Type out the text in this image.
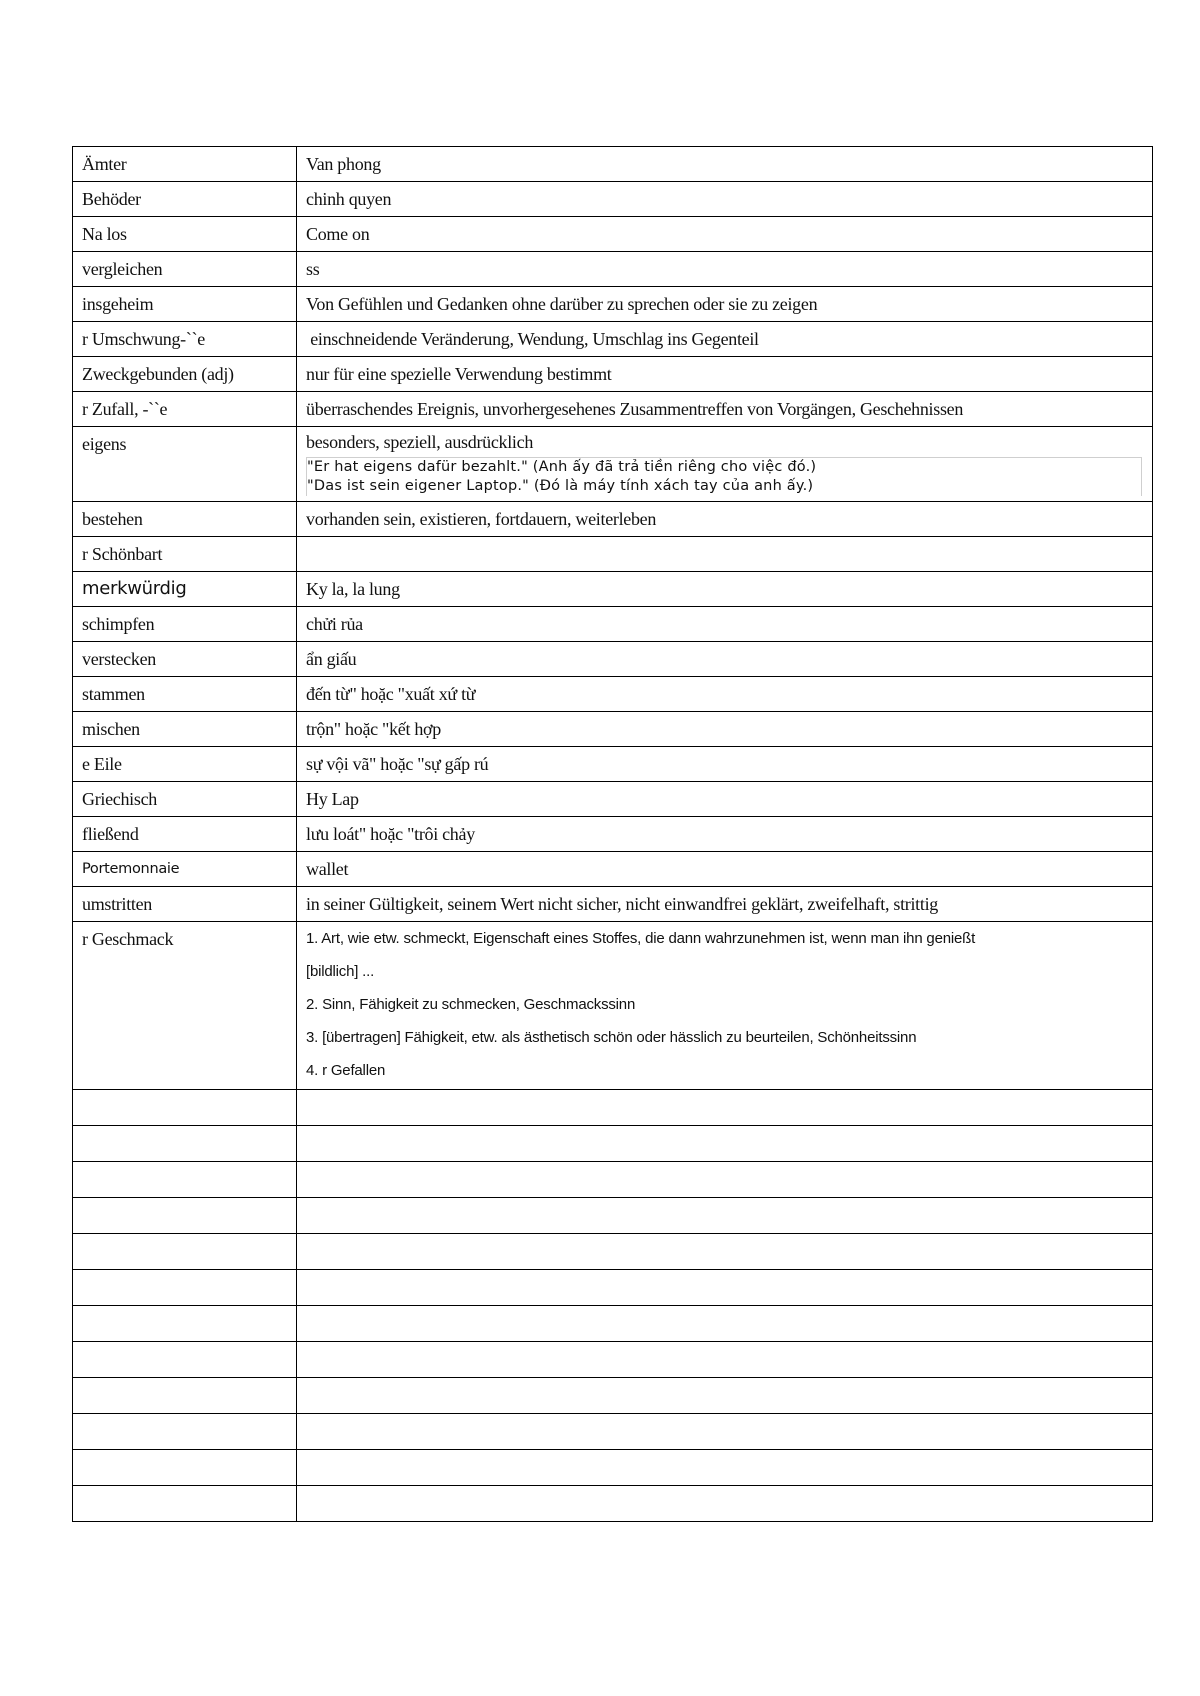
Ämter	Van phong
Behöder	chinh quyen
Na los	Come on
vergleichen	ss
insgeheim	Von Gefühlen und Gedanken ohne darüber zu sprechen oder sie zu zeigen
r Umschwung-``e	einschneidende Veränderung, Wendung, Umschlag ins Gegenteil
Zweckgebunden (adj)	nur für eine spezielle Verwendung bestimmt
r Zufall, -``e	überraschendes Ereignis, unvorhergesehenes Zusammentreffen von Vorgängen, Geschehnissen
eigens	besonders, speziell, ausdrücklich
"Er hat eigens dafür bezahlt." (Anh ấy đã trả tiền riêng cho việc đó.)
"Das ist sein eigener Laptop." (Đó là máy tính xách tay của anh ấy.)

bestehen	vorhanden sein, existieren, fortdauern, weiterleben
r Schönbart	
merkwürdig	Ky la, la lung
schimpfen	chửi rủa
verstecken	ẩn giấu
stammen	đến từ" hoặc "xuất xứ từ
mischen	trộn" hoặc "kết hợp
e Eile	sự vội vã" hoặc "sự gấp rú
Griechisch	Hy Lap
fließend	lưu loát" hoặc "trôi chảy
Portemonnaie	wallet
umstritten	in seiner Gültigkeit, seinem Wert nicht sicher, nicht einwandfrei geklärt, zweifelhaft, strittig
r Geschmack	1. Art, wie etw. schmeckt, Eigenschaft eines Stoffes, die dann wahrzunehmen ist, wenn man ihn genießt
[bildlich] ...
2. Sinn, Fähigkeit zu schmecken, Geschmackssinn
3. [übertragen] Fähigkeit, etw. als ästhetisch schön oder hässlich zu beurteilen, Schönheitssinn
4. r Gefallen
